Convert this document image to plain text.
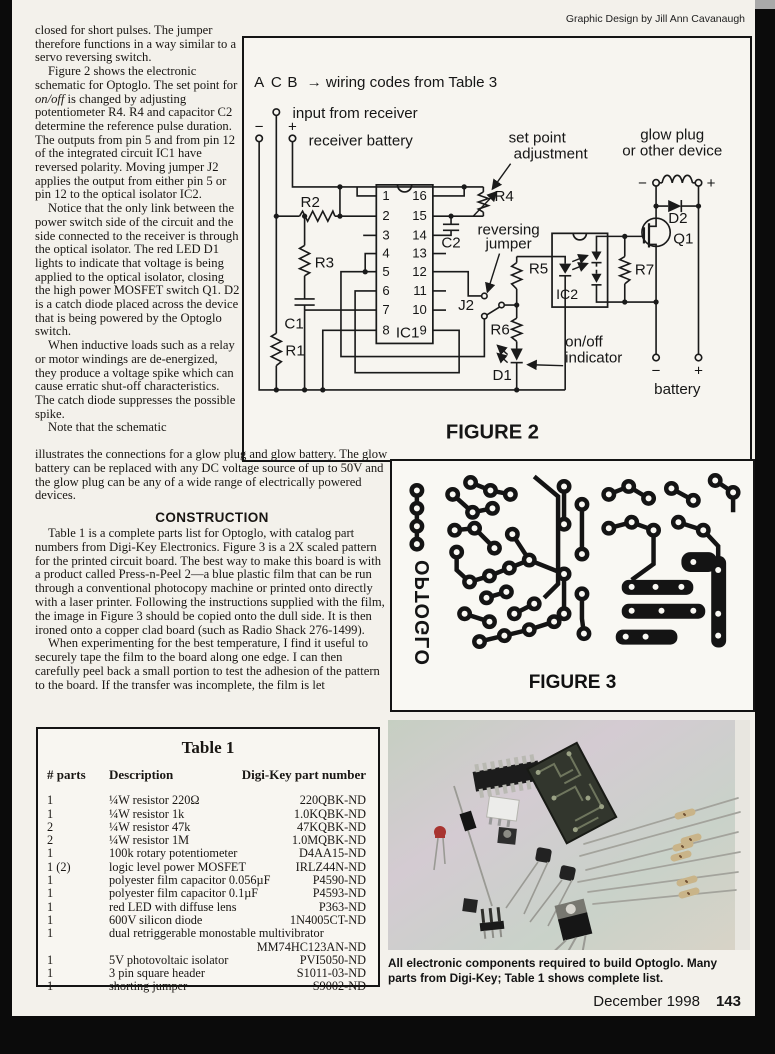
Graphic Design by Jill Ann Cavanaugh

closed for short pulses. The jumper therefore functions in a way similar to a servo reversing switch.

Figure 2 shows the electronic schematic for Optoglo. The set point for on/off is changed by adjusting potentiometer R4. R4 and capacitor C2 determine the reference pulse duration. The outputs from pin 5 and from pin 12 of the integrated circuit IC1 have reversed polarity. Moving jumper J2 applies the output from either pin 5 or pin 12 to the optical isolator IC2.

Notice that the only link between the power switch side of the circuit and the side connected to the receiver is through the optical isolator. The red LED D1 lights to indicate that voltage is being applied to the optical isolator, closing the high power MOSFET switch Q1. D2 is a catch diode placed across the device that is being powered by the Optoglo switch.

When inductive loads such as a relay or motor windings are de-energized, they produce a voltage spike which can cause erratic shut-off characteristics. The catch diode suppresses the possible spike.

Note that the schematic

A C B → wiring codes from Table 3
input from receiver
− +
receiver battery
R2
R3
C1
R1
IC1
1
2
3
4
5
6
7
8
16
15
14
13
12
11
10
9
R4
C2
set point
adjustment
reversing
jumper
J2
R5
R6
D1
on/off
indicator
IC2
R7
Q1
D2
glow plug
or other device
−	+
− +
battery
FIGURE 2

illustrates the connections for a glow plug and glow battery. The glow battery can be replaced with any DC voltage source of up to 50V and the glow plug can be any of a wide range of electrically powered devices.

CONSTRUCTION

Table 1 is a complete parts list for Optoglo, with catalog part numbers from Digi-Key Electronics. Figure 3 is a 2X scaled pattern for the printed circuit board. The best way to make this board is with a product called Press-n-Peel 2—a blue plastic film that can be run through a conventional photocopy machine or printed onto directly with a laser printer. Following the instructions supplied with the film, the image in Figure 3 should be copied onto the dull side. It is then ironed onto a copper clad board (such as Radio Shack 276-1499).

When experimenting for the best temperature, I find it useful to securely tape the film to the board along one edge. I can then carefully peel back a small portion to test the adhesion of the pattern to the board. If the transfer was incomplete, the film is let

OPTOGLO
FIGURE 3
Table 1
# parts	Description	Digi-Key part number
1	¼W resistor 220Ω	220QBK-ND
1	¼W resistor 1k	1.0KQBK-ND
2	¼W resistor 47k	47KQBK-ND
2	¼W resistor 1M	1.0MQBK-ND
1	100k rotary potentiometer	D4AA15-ND
1 (2)	logic level power MOSFET	IRLZ44N-ND
1	polyester film capacitor 0.056µF	P4590-ND
1	polyester film capacitor 0.1µF	P4593-ND
1	red LED with diffuse lens	P363-ND
1	600V silicon diode	1N4005CT-ND
1	dual retriggerable monostable multivibrator
MM74HC123AN-ND
1	5V photovoltaic isolator	PVI5050-ND
1	3 pin square header	S1011-03-ND
1	shorting jumper	S9002-ND
All electronic components required to build Optoglo. Many parts from Digi-Key; Table 1 shows complete list.
December 1998 143
